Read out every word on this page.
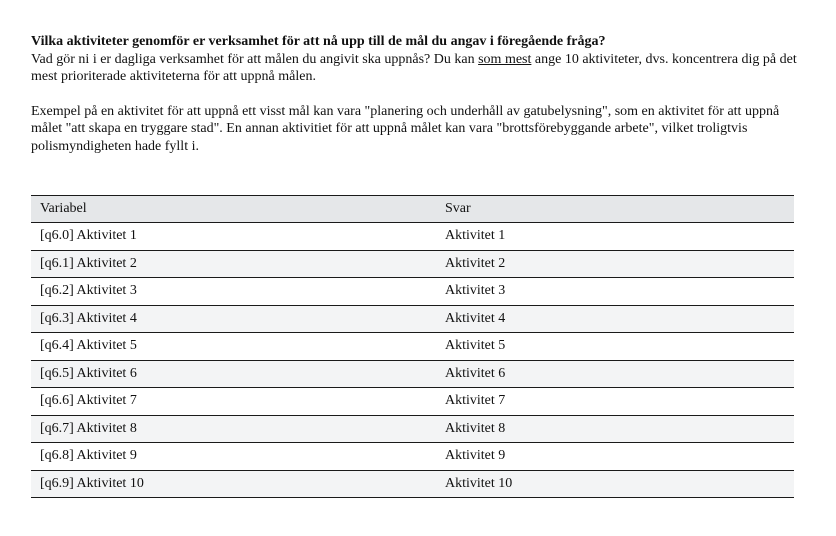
Vilka aktiviteter genomför er verksamhet för att nå upp till de mål du angav i föregående fråga?

Vad gör ni i er dagliga verksamhet för att målen du angivit ska uppnås? Du kan som mest ange 10 aktiviteter, dvs. koncentrera dig på det mest prioriterade aktiviteterna för att uppnå målen.

Exempel på en aktivitet för att uppnå ett visst mål kan vara "planering och underhåll av gatubelysning", som en aktivitet för att uppnå målet "att skapa en tryggare stad". En annan aktivitiet för att uppnå målet kan vara "brottsförebyggande arbete", vilket troligtvis polismyndigheten hade fyllt i.
Variabel	Svar
[q6.0] Aktivitet 1	Aktivitet 1
[q6.1] Aktivitet 2	Aktivitet 2
[q6.2] Aktivitet 3	Aktivitet 3
[q6.3] Aktivitet 4	Aktivitet 4
[q6.4] Aktivitet 5	Aktivitet 5
[q6.5] Aktivitet 6	Aktivitet 6
[q6.6] Aktivitet 7	Aktivitet 7
[q6.7] Aktivitet 8	Aktivitet 8
[q6.8] Aktivitet 9	Aktivitet 9
[q6.9] Aktivitet 10	Aktivitet 10
